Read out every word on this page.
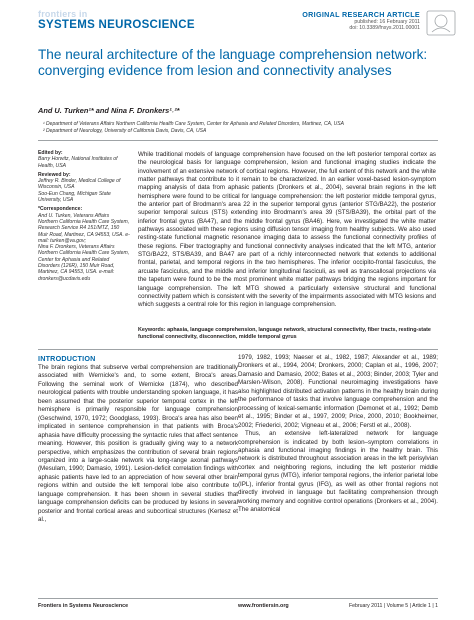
frontiers in
SYSTEMS NEUROSCIENCE
ORIGINAL RESEARCH ARTICLE
published: 16 February 2011
doi: 10.3389/fnsys.2011.00001
The neural architecture of the language comprehension network: converging evidence from lesion and connectivity analyses
And U. Turken¹* and Nina F. Dronkers¹˒²*
¹ Department of Veterans Affairs Northern California Health Care System, Center for Aphasia and Related Disorders, Martinez, CA, USA
² Department of Neurology, University of California Davis, Davis, CA, USA
Edited by:
Barry Horwitz, National Institutes of Health, USA
Reviewed by:
Jeffrey R. Binder, Medical College of Wisconsin, USA
Soo-Eun Chang, Michigan State University, USA
*Correspondence:
And U. Turken, Veterans Affairs Northern California Health Care System, Research Service R4 151/MTZ, 150 Muir Road, Martinez, CA 94553, USA. e-mail: turken@va.gov;
Nina F. Dronkers, Veterans Affairs Northern California Health Care System, Center for Aphasia and Related Disorders (126R), 150 Muir Road, Martinez, CA 94553, USA. e-mail: dronkers@ucdavis.edu

While traditional models of language comprehension have focused on the left posterior temporal cortex as the neurological basis for language comprehension, lesion and functional imaging studies indicate the involvement of an extensive network of cortical regions. However, the full extent of this network and the white matter pathways that contribute to it remain to be characterized. In an earlier voxel-based lesion-symptom mapping analysis of data from aphasic patients (Dronkers et al., 2004), several brain regions in the left hemisphere were found to be critical for language comprehension: the left posterior middle temporal gyrus, the anterior part of Brodmann's area 22 in the superior temporal gyrus (anterior STG/BA22), the posterior superior temporal sulcus (STS) extending into Brodmann's area 39 (STS/BA39), the orbital part of the inferior frontal gyrus (BA47), and the middle frontal gyrus (BA46). Here, we investigated the white matter pathways associated with these regions using diffusion tensor imaging from healthy subjects. We also used resting-state functional magnetic resonance imaging data to assess the functional connectivity profiles of these regions. Fiber tractography and functional connectivity analyses indicated that the left MTG, anterior STG/BA22, STS/BA39, and BA47 are part of a richly interconnected network that extends to additional frontal, parietal, and temporal regions in the two hemispheres. The inferior occipito-frontal fasciculus, the arcuate fasciculus, and the middle and inferior longitudinal fasciculi, as well as transcallosal projections via the tapetum were found to be the most prominent white matter pathways bridging the regions important for language comprehension. The left MTG showed a particularly extensive structural and functional connectivity pattern which is consistent with the severity of the impairments associated with MTG lesions and which suggests a central role for this region in language comprehension.

Keywords: aphasia, language comprehension, language network, structural connectivity, fiber tracts, resting-state functional connectivity, disconnection, middle temporal gyrus

INTRODUCTION

The brain regions that subserve verbal comprehension are traditionally associated with Wernicke's and, to some extent, Broca's areas. Following the seminal work of Wernicke (1874), who described neurological patients with trouble understanding spoken language, it has been assumed that the posterior superior temporal cortex in the left hemisphere is primarily responsible for language comprehension (Geschwind, 1970, 1972; Goodglass, 1993). Broca's area has also been implicated in sentence comprehension in that patients with Broca's aphasia have difficulty processing the syntactic rules that affect sentence meaning. However, this position is gradually giving way to a network perspective, which emphasizes the contribution of several brain regions organized into a large-scale network via long-range axonal pathways (Mesulam, 1990; Damasio, 1991). Lesion-deficit correlation findings with aphasic patients have led to an appreciation of how several other brain regions within and outside the left temporal lobe also contribute to language comprehension. It has been shown in several studies that language comprehension deficits can be produced by lesions in several posterior and frontal cortical areas and subcortical structures (Kertesz et al.,

1979, 1982, 1993; Naeser et al., 1982, 1987; Alexander et al., 1989; Dronkers et al., 1994, 2004; Dronkers, 2000; Caplan et al., 1996, 2007; Damasio and Damasio, 2002; Bates et al., 2003; Binder, 2003; Tyler and Marslen-Wilson, 2008). Functional neuroimaging investigations have also highlighted distributed activation patterns in the healthy brain during the performance of tasks that involve language comprehension and the processing of lexical-semantic information (Demonet et al., 1992; Demb et al., 1995; Binder et al., 1997, 2009; Price, 2000, 2010; Bookheimer, 2002; Friederici, 2002; Vigneau et al., 2006; Ferstl et al., 2008).

Thus, an extensive left-lateralized network for language comprehension is indicated by both lesion–symptom correlations in aphasia and functional imaging findings in the healthy brain. This network is distributed throughout association areas in the left perisylvian cortex and neighboring regions, including the left posterior middle temporal gyrus (MTG), inferior temporal regions, the inferior parietal lobe (IPL), inferior frontal gyrus (IFG), as well as other frontal regions not directly involved in language but facilitating comprehension through working memory and cognitive control operations (Dronkers et al., 2004). The anatomical

Frontiers in Systems Neuroscience	www.frontiersin.org	February 2011 | Volume 5 | Article 1 | 1
